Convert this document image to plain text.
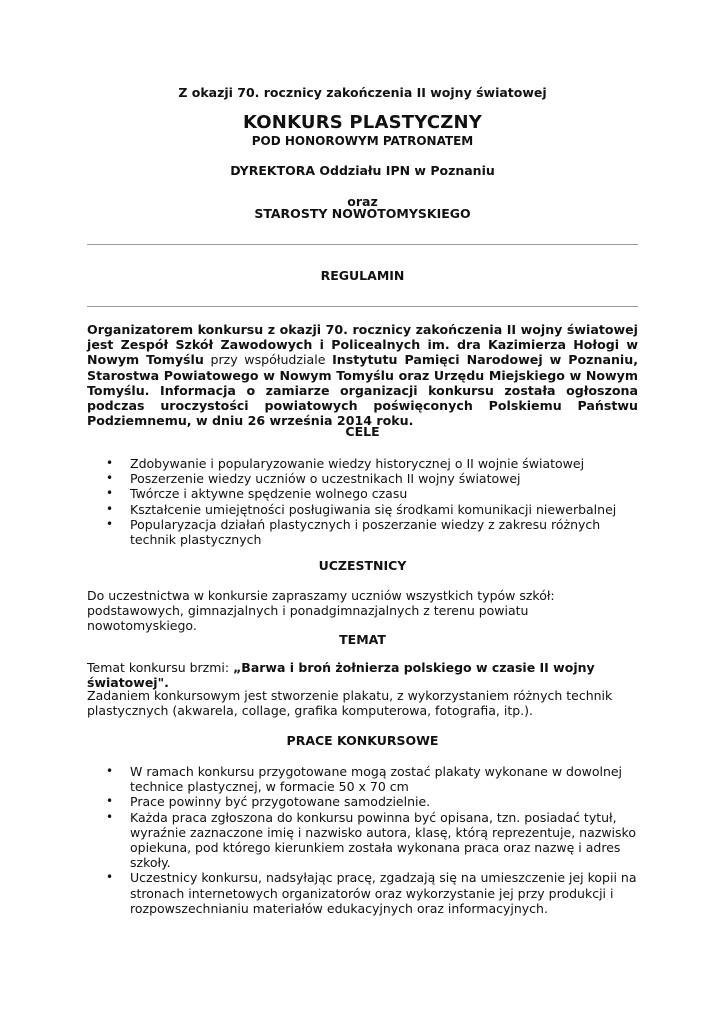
Z okazji 70. rocznicy zakończenia II wojny światowej
KONKURS PLASTYCZNY
POD HONOROWYM PATRONATEM
DYREKTORA Oddziału IPN w Poznaniu
oraz
STAROSTY NOWOTOMYSKIEGO
REGULAMIN
Organizatorem konkursu z okazji 70. rocznicy zakończenia II wojny światowej jest Zespół Szkół Zawodowych i Policealnych im. dra Kazimierza Hołogi w Nowym Tomyślu przy współudziale Instytutu Pamięci Narodowej w Poznaniu, Starostwa Powiatowego w Nowym Tomyślu oraz Urzędu Miejskiego w Nowym Tomyślu. Informacja o zamiarze organizacji konkursu została ogłoszona podczas uroczystości powiatowych poświęconych Polskiemu Państwu Podziemnemu, w dniu 26 września 2014 roku.
CELE
• Zdobywanie i popularyzowanie wiedzy historycznej o II wojnie światowej
• Poszerzenie wiedzy uczniów o uczestnikach II wojny światowej
• Twórcze i aktywne spędzenie wolnego czasu
• Kształcenie umiejętności posługiwania się środkami komunikacji niewerbalnej
• Popularyzacja działań plastycznych i poszerzanie wiedzy z zakresu różnych technik plastycznych
UCZESTNICY
Do uczestnictwa w konkursie zapraszamy uczniów wszystkich typów szkół: podstawowych, gimnazjalnych i ponadgimnazjalnych z terenu powiatu nowotomyskiego.
TEMAT
Temat konkursu brzmi: „Barwa i broń żołnierza polskiego w czasie II wojny światowej".
Zadaniem konkursowym jest stworzenie plakatu, z wykorzystaniem różnych technik plastycznych (akwarela, collage, grafika komputerowa, fotografia, itp.).
PRACE KONKURSOWE
• W ramach konkursu przygotowane mogą zostać plakaty wykonane w dowolnej technice plastycznej, w formacie 50 x 70 cm
• Prace powinny być przygotowane samodzielnie.
• Każda praca zgłoszona do konkursu powinna być opisana, tzn. posiadać tytuł, wyraźnie zaznaczone imię i nazwisko autora, klasę, którą reprezentuje, nazwisko opiekuna, pod którego kierunkiem została wykonana praca oraz nazwę i adres szkoły.
• Uczestnicy konkursu, nadsyłając pracę, zgadzają się na umieszczenie jej kopii na stronach internetowych organizatorów oraz wykorzystanie jej przy produkcji i rozpowszechnianiu materiałów edukacyjnych oraz informacyjnych.
